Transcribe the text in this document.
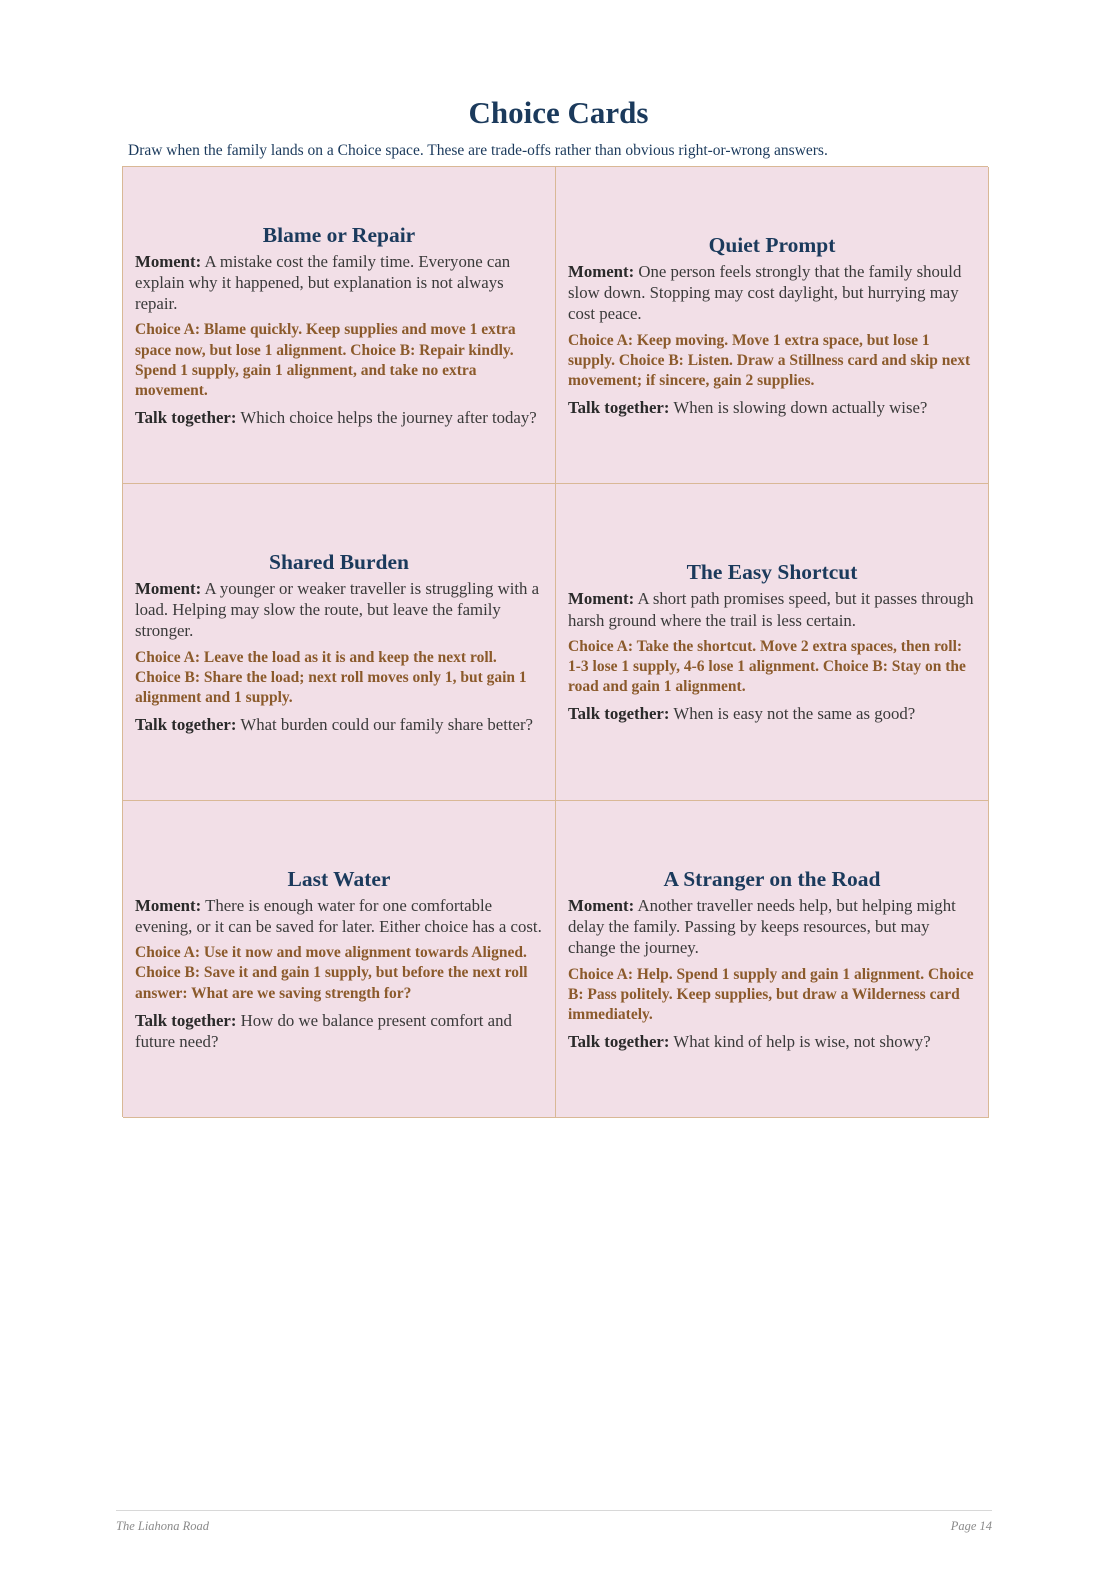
Choice Cards
Draw when the family lands on a Choice space. These are trade-offs rather than obvious right-or-wrong answers.
Blame or Repair

Moment: A mistake cost the family time. Everyone can explain why it happened, but explanation is not always repair.

Choice A: Blame quickly. Keep supplies and move 1 extra space now, but lose 1 alignment. Choice B: Repair kindly. Spend 1 supply, gain 1 alignment, and take no extra movement.

Talk together: Which choice helps the journey after today?

Quiet Prompt

Moment: One person feels strongly that the family should slow down. Stopping may cost daylight, but hurrying may cost peace.

Choice A: Keep moving. Move 1 extra space, but lose 1 supply. Choice B: Listen. Draw a Stillness card and skip next movement; if sincere, gain 2 supplies.

Talk together: When is slowing down actually wise?

Shared Burden

Moment: A younger or weaker traveller is struggling with a load. Helping may slow the route, but leave the family stronger.

Choice A: Leave the load as it is and keep the next roll. Choice B: Share the load; next roll moves only 1, but gain 1 alignment and 1 supply.

Talk together: What burden could our family share better?

The Easy Shortcut

Moment: A short path promises speed, but it passes through harsh ground where the trail is less certain.

Choice A: Take the shortcut. Move 2 extra spaces, then roll: 1-3 lose 1 supply, 4-6 lose 1 alignment. Choice B: Stay on the road and gain 1 alignment.

Talk together: When is easy not the same as good?

Last Water

Moment: There is enough water for one comfortable evening, or it can be saved for later. Either choice has a cost.

Choice A: Use it now and move alignment towards Aligned. Choice B: Save it and gain 1 supply, but before the next roll answer: What are we saving strength for?

Talk together: How do we balance present comfort and future need?

A Stranger on the Road

Moment: Another traveller needs help, but helping might delay the family. Passing by keeps resources, but may change the journey.

Choice A: Help. Spend 1 supply and gain 1 alignment. Choice B: Pass politely. Keep supplies, but draw a Wilderness card immediately.

Talk together: What kind of help is wise, not showy?

The Liahona Road	Page 14
